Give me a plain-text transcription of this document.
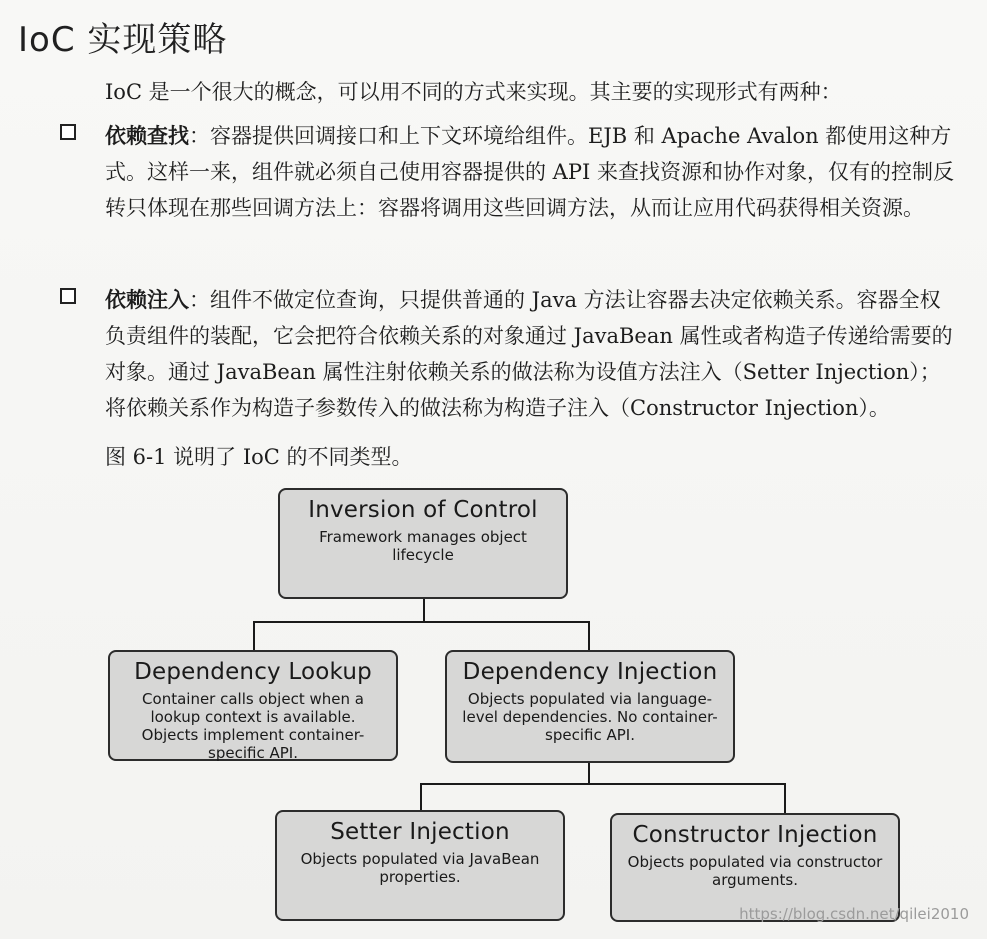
IoC 实现策略
IoC 是一个很大的概念，可以用不同的方式来实现。其主要的实现形式有两种：
依赖查找：容器提供回调接口和上下文环境给组件。EJB 和 Apache Avalon 都使用这种方式。这样一来，组件就必须自己使用容器提供的 API 来查找资源和协作对象，仅有的控制反转只体现在那些回调方法上：容器将调用这些回调方法，从而让应用代码获得相关资源。
依赖注入：组件不做定位查询，只提供普通的 Java 方法让容器去决定依赖关系。容器全权负责组件的装配，它会把符合依赖关系的对象通过 JavaBean 属性或者构造子传递给需要的对象。通过 JavaBean 属性注射依赖关系的做法称为设值方法注入（Setter Injection）；将依赖关系作为构造子参数传入的做法称为构造子注入（Constructor Injection）。
图 6-1 说明了 IoC 的不同类型。
Inversion of Control
Framework manages object lifecycle
Dependency Lookup
Container calls object when a lookup context is available. Objects implement container-specific API.
Dependency Injection
Objects populated via language-level dependencies. No container-specific API.
Setter Injection
Objects populated via JavaBean properties.
Constructor Injection
Objects populated via constructor arguments.
https://blog.csdn.net/qilei2010
